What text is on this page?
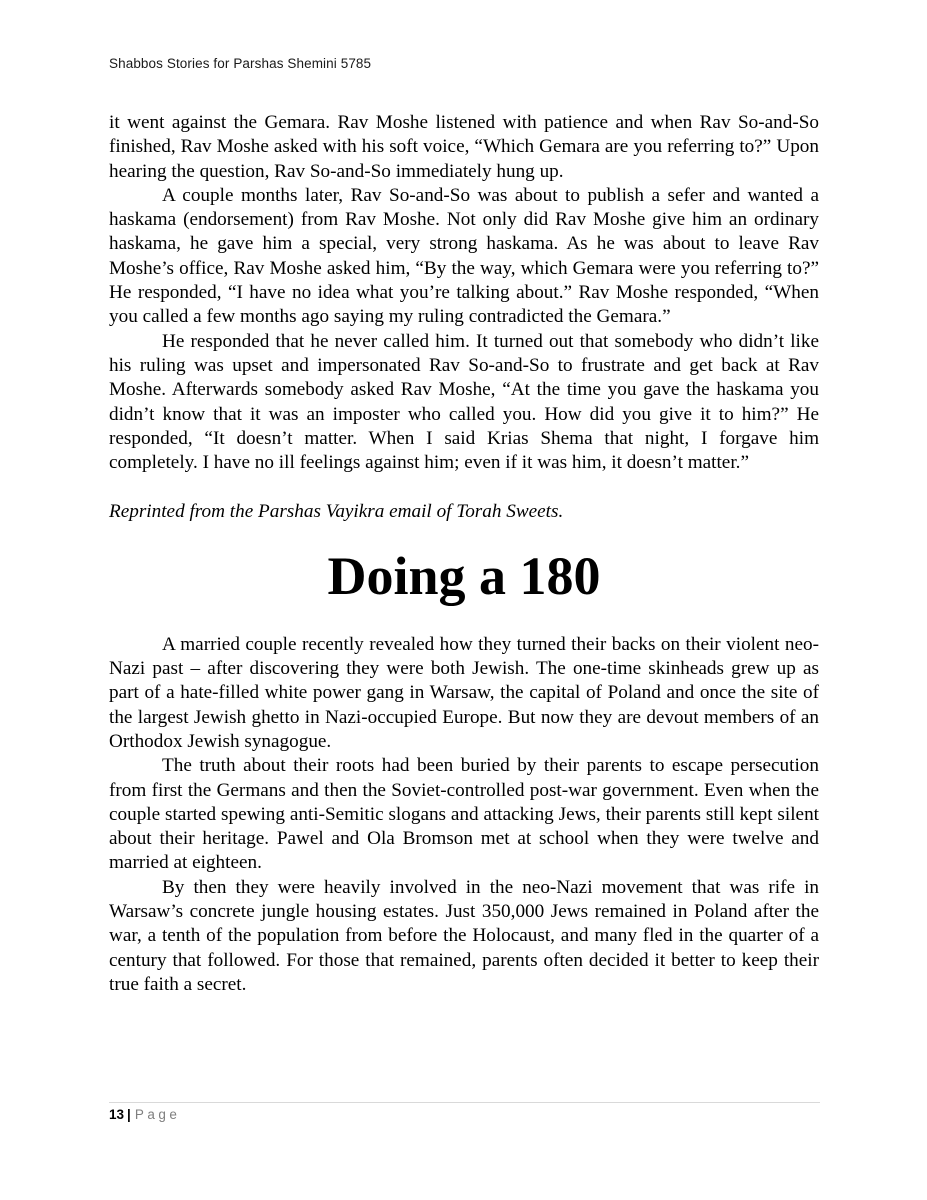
Shabbos Stories for Parshas Shemini 5785

it went against the Gemara. Rav Moshe listened with patience and when Rav So-and-So finished, Rav Moshe asked with his soft voice, “Which Gemara are you referring to?” Upon hearing the question, Rav So-and-So immediately hung up.

A couple months later, Rav So-and-So was about to publish a sefer and wanted a haskama (endorsement) from Rav Moshe. Not only did Rav Moshe give him an ordinary haskama, he gave him a special, very strong haskama. As he was about to leave Rav Moshe’s office, Rav Moshe asked him, “By the way, which Gemara were you referring to?” He responded, “I have no idea what you’re talking about.” Rav Moshe responded, “When you called a few months ago saying my ruling contradicted the Gemara.”

He responded that he never called him. It turned out that somebody who didn’t like his ruling was upset and impersonated Rav So-and-So to frustrate and get back at Rav Moshe. Afterwards somebody asked Rav Moshe, “At the time you gave the haskama you didn’t know that it was an imposter who called you. How did you give it to him?” He responded, “It doesn’t matter. When I said Krias Shema that night, I forgave him completely. I have no ill feelings against him; even if it was him, it doesn’t matter.”

Reprinted from the Parshas Vayikra email of Torah Sweets.

Doing a 180

A married couple recently revealed how they turned their backs on their violent neo-Nazi past – after discovering they were both Jewish. The one-time skinheads grew up as part of a hate-filled white power gang in Warsaw, the capital of Poland and once the site of the largest Jewish ghetto in Nazi-occupied Europe. But now they are devout members of an Orthodox Jewish synagogue.

The truth about their roots had been buried by their parents to escape persecution from first the Germans and then the Soviet-controlled post-war government. Even when the couple started spewing anti-Semitic slogans and attacking Jews, their parents still kept silent about their heritage. Pawel and Ola Bromson met at school when they were twelve and married at eighteen.

By then they were heavily involved in the neo-Nazi movement that was rife in Warsaw’s concrete jungle housing estates. Just 350,000 Jews remained in Poland after the war, a tenth of the population from before the Holocaust, and many fled in the quarter of a century that followed. For those that remained, parents often decided it better to keep their true faith a secret.

13 | Page
